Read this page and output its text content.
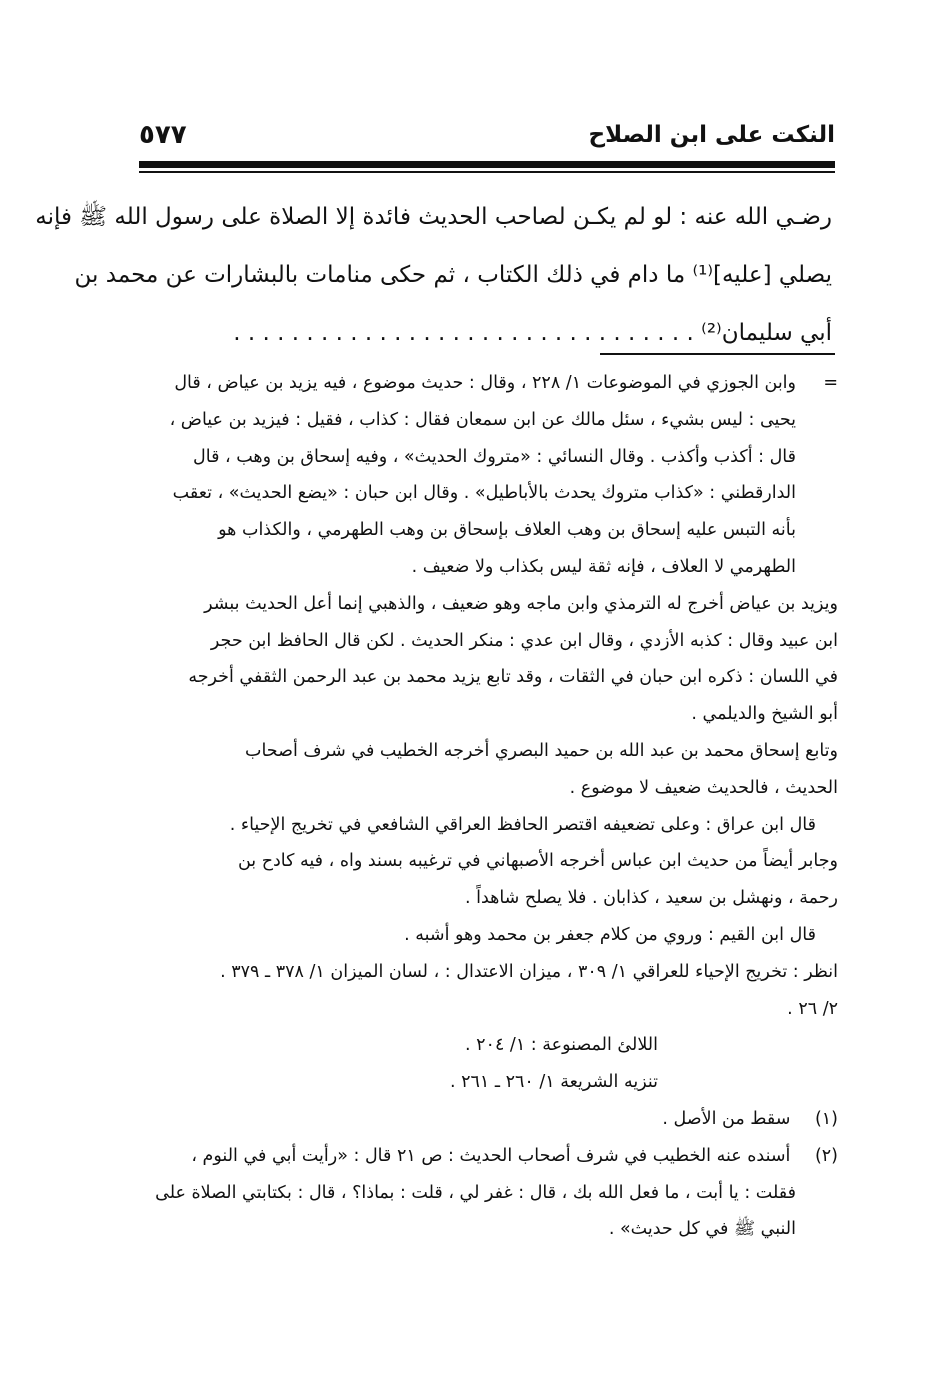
النكت على ابن الصلاح
٥٧٧
رضـي الله عنه : لو لم يكـن لصاحب الحديث فائدة إلا الصلاة على رسول الله ﷺ فإنه
يصلي [عليه]⁽¹⁾ ما دام في ذلك الكتاب ، ثم حكى منامات بالبشارات عن محمد بن
أبي سليمان⁽²⁾ . . . . . . . . . . . . . . . . . . . . . . . . . . . . . . . .
=
وابن الجوزي في الموضوعات ١/ ٢٢٨ ، وقال : حديث موضوع ، فيه يزيد بن عياض ، قال
يحيى : ليس بشيء ، سئل مالك عن ابن سمعان فقال : كذاب ، فقيل : فيزيد بن عياض ،
قال : أكذب وأكذب . وقال النسائي : «متروك الحديث» ، وفيه إسحاق بن وهب ، قال
الدارقطني : «كذاب متروك يحدث بالأباطيل» . وقال ابن حبان : «يضع الحديث» ، تعقب
بأنه التبس عليه إسحاق بن وهب العلاف بإسحاق بن وهب الطهرمي ، والكذاب هو
الطهرمي لا العلاف ، فإنه ثقة ليس بكذاب ولا ضعيف .
ويزيد بن عياض أخرج له الترمذي وابن ماجه وهو ضعيف ، والذهبي إنما أعل الحديث ببشر
ابن عبيد وقال : كذبه الأزدي ، وقال ابن عدي : منكر الحديث . لكن قال الحافظ ابن حجر
في اللسان : ذكره ابن حبان في الثقات ، وقد تابع يزيد محمد بن عبد الرحمن الثقفي أخرجه
أبو الشيخ والديلمي .
وتابع إسحاق محمد بن عبد الله بن حميد البصري أخرجه الخطيب في شرف أصحاب
الحديث ، فالحديث ضعيف لا موضوع .
قال ابن عراق : وعلى تضعيفه اقتصر الحافظ العراقي الشافعي في تخريج الإحياء .
وجابر أيضاً من حديث ابن عباس أخرجه الأصبهاني في ترغيبه بسند واه ، فيه كادح بن
رحمة ، ونهشل بن سعيد ، كذابان . فلا يصلح شاهداً .
قال ابن القيم : وروي من كلام جعفر بن محمد وهو أشبه .
انظر : تخريج الإحياء للعراقي ١/ ٣٠٩ ، ميزان الاعتدال : ، لسان الميزان ١/ ٣٧٨ ـ ٣٧٩ .
٢/ ٢٦ .
اللالئ المصنوعة : ١/ ٢٠٤ .
تنزيه الشريعة ١/ ٢٦٠ ـ ٢٦١ .
(١) سقط من الأصل .
(٢) أسنده عنه الخطيب في شرف أصحاب الحديث : ص ٢١ قال : «رأيت أبي في النوم ،
فقلت : يا أبت ، ما فعل الله بك ، قال : غفر لي ، قلت : بماذا؟ ، قال : بكتابتي الصلاة على
النبي ﷺ في كل حديث» .
